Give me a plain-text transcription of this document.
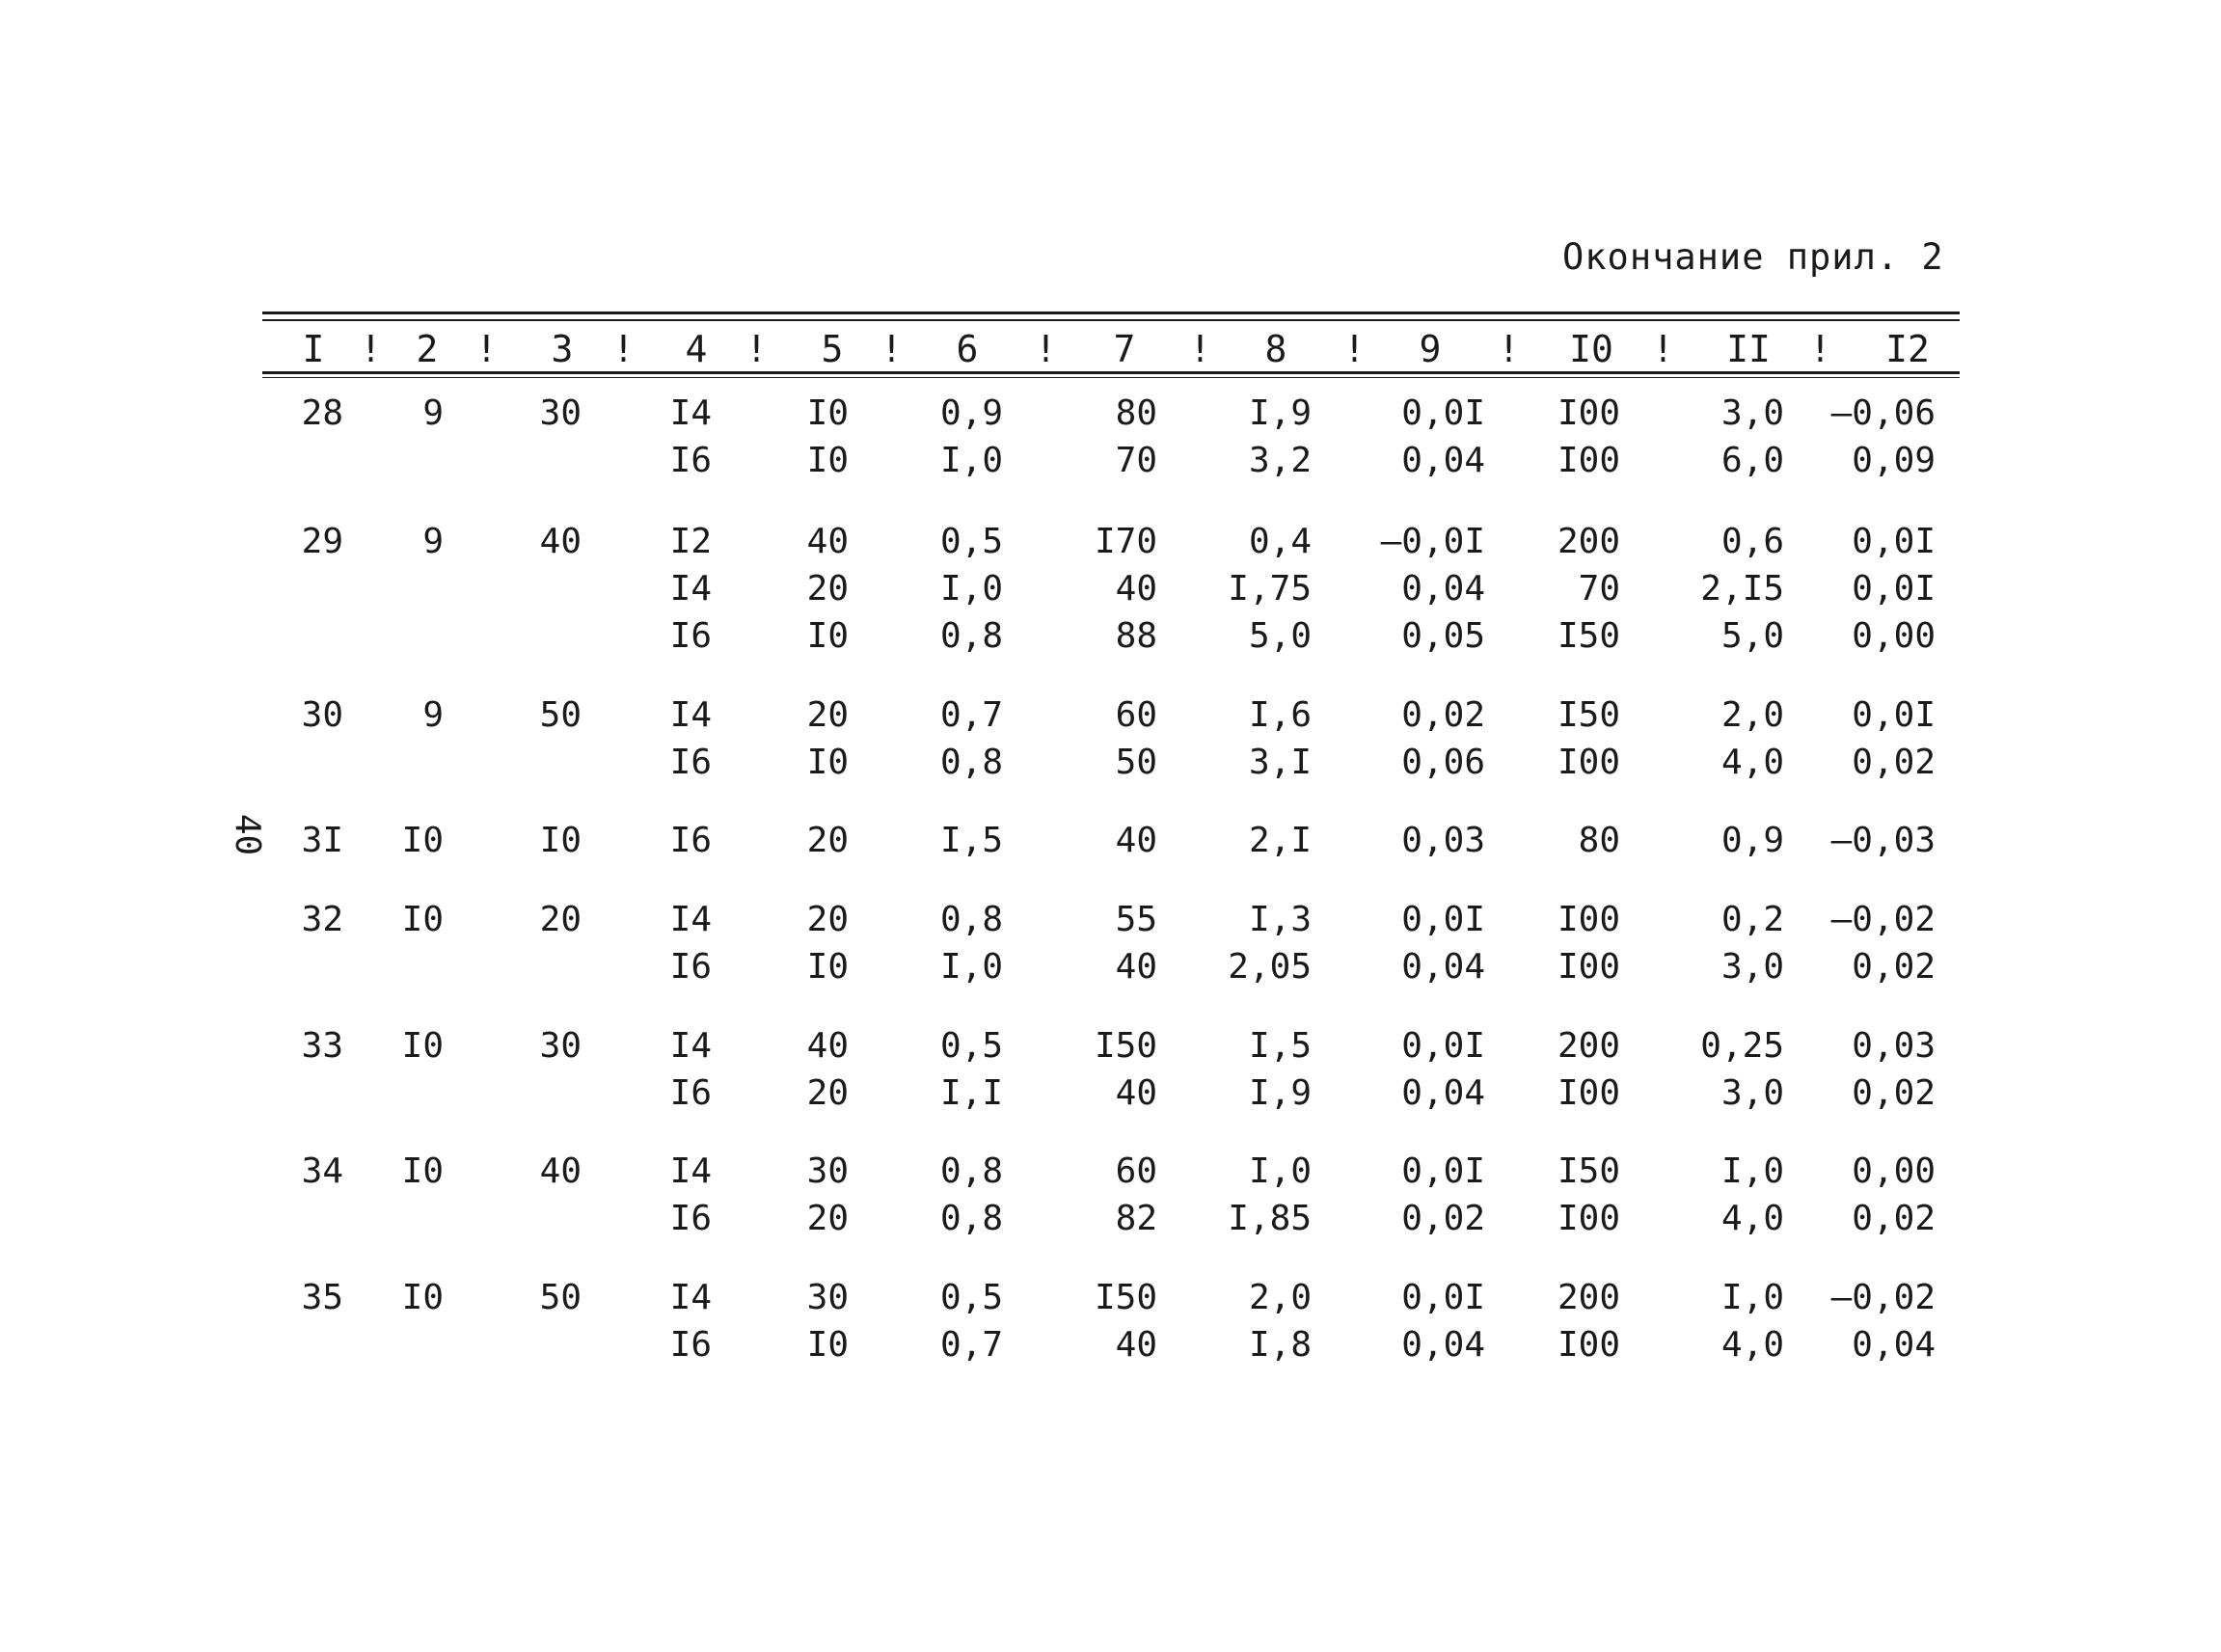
Окончание прил. 2
40
I ! 2	!	3	!	4	!	5	!	6	!	7	!	8	!	9	!	I0	!	II	!	I2
28 9	30	I4	I0	0,9	80	I,9	0,0I I00	3,0 –0,06
I6	I0	I,0	70	3,2	0,04 I00	6,0 0,09
29 9	40	I2	40	0,5	I70	0,4 –0,0I 200	0,6 0,0I
I4	20	I,0	40 I,75	0,04	70 2,I5 0,0I
I6	I0	0,8	88	5,0	0,05 I50	5,0 0,00
30 9	50	I4	20	0,7	60	I,6	0,02 I50	2,0 0,0I
I6	I0	0,8	50	3,I	0,06 I00	4,0 0,02
3I I0	I0	I6	20	I,5	40	2,I	0,03	80	0,9 –0,03
32 I0	20	I4	20	0,8	55	I,3	0,0I I00	0,2 –0,02
I6	I0	I,0	40 2,05	0,04 I00	3,0 0,02
33 I0	30	I4	40	0,5	I50	I,5	0,0I 200 0,25 0,03
I6	20	I,I	40	I,9	0,04 I00	3,0 0,02
34 I0	40	I4	30	0,8	60	I,0	0,0I I50	I,0 0,00
I6	20	0,8	82 I,85	0,02 I00	4,0 0,02
35 I0	50	I4	30	0,5	I50	2,0	0,0I 200	I,0 –0,02
I6	I0	0,7	40	I,8	0,04 I00	4,0 0,04
